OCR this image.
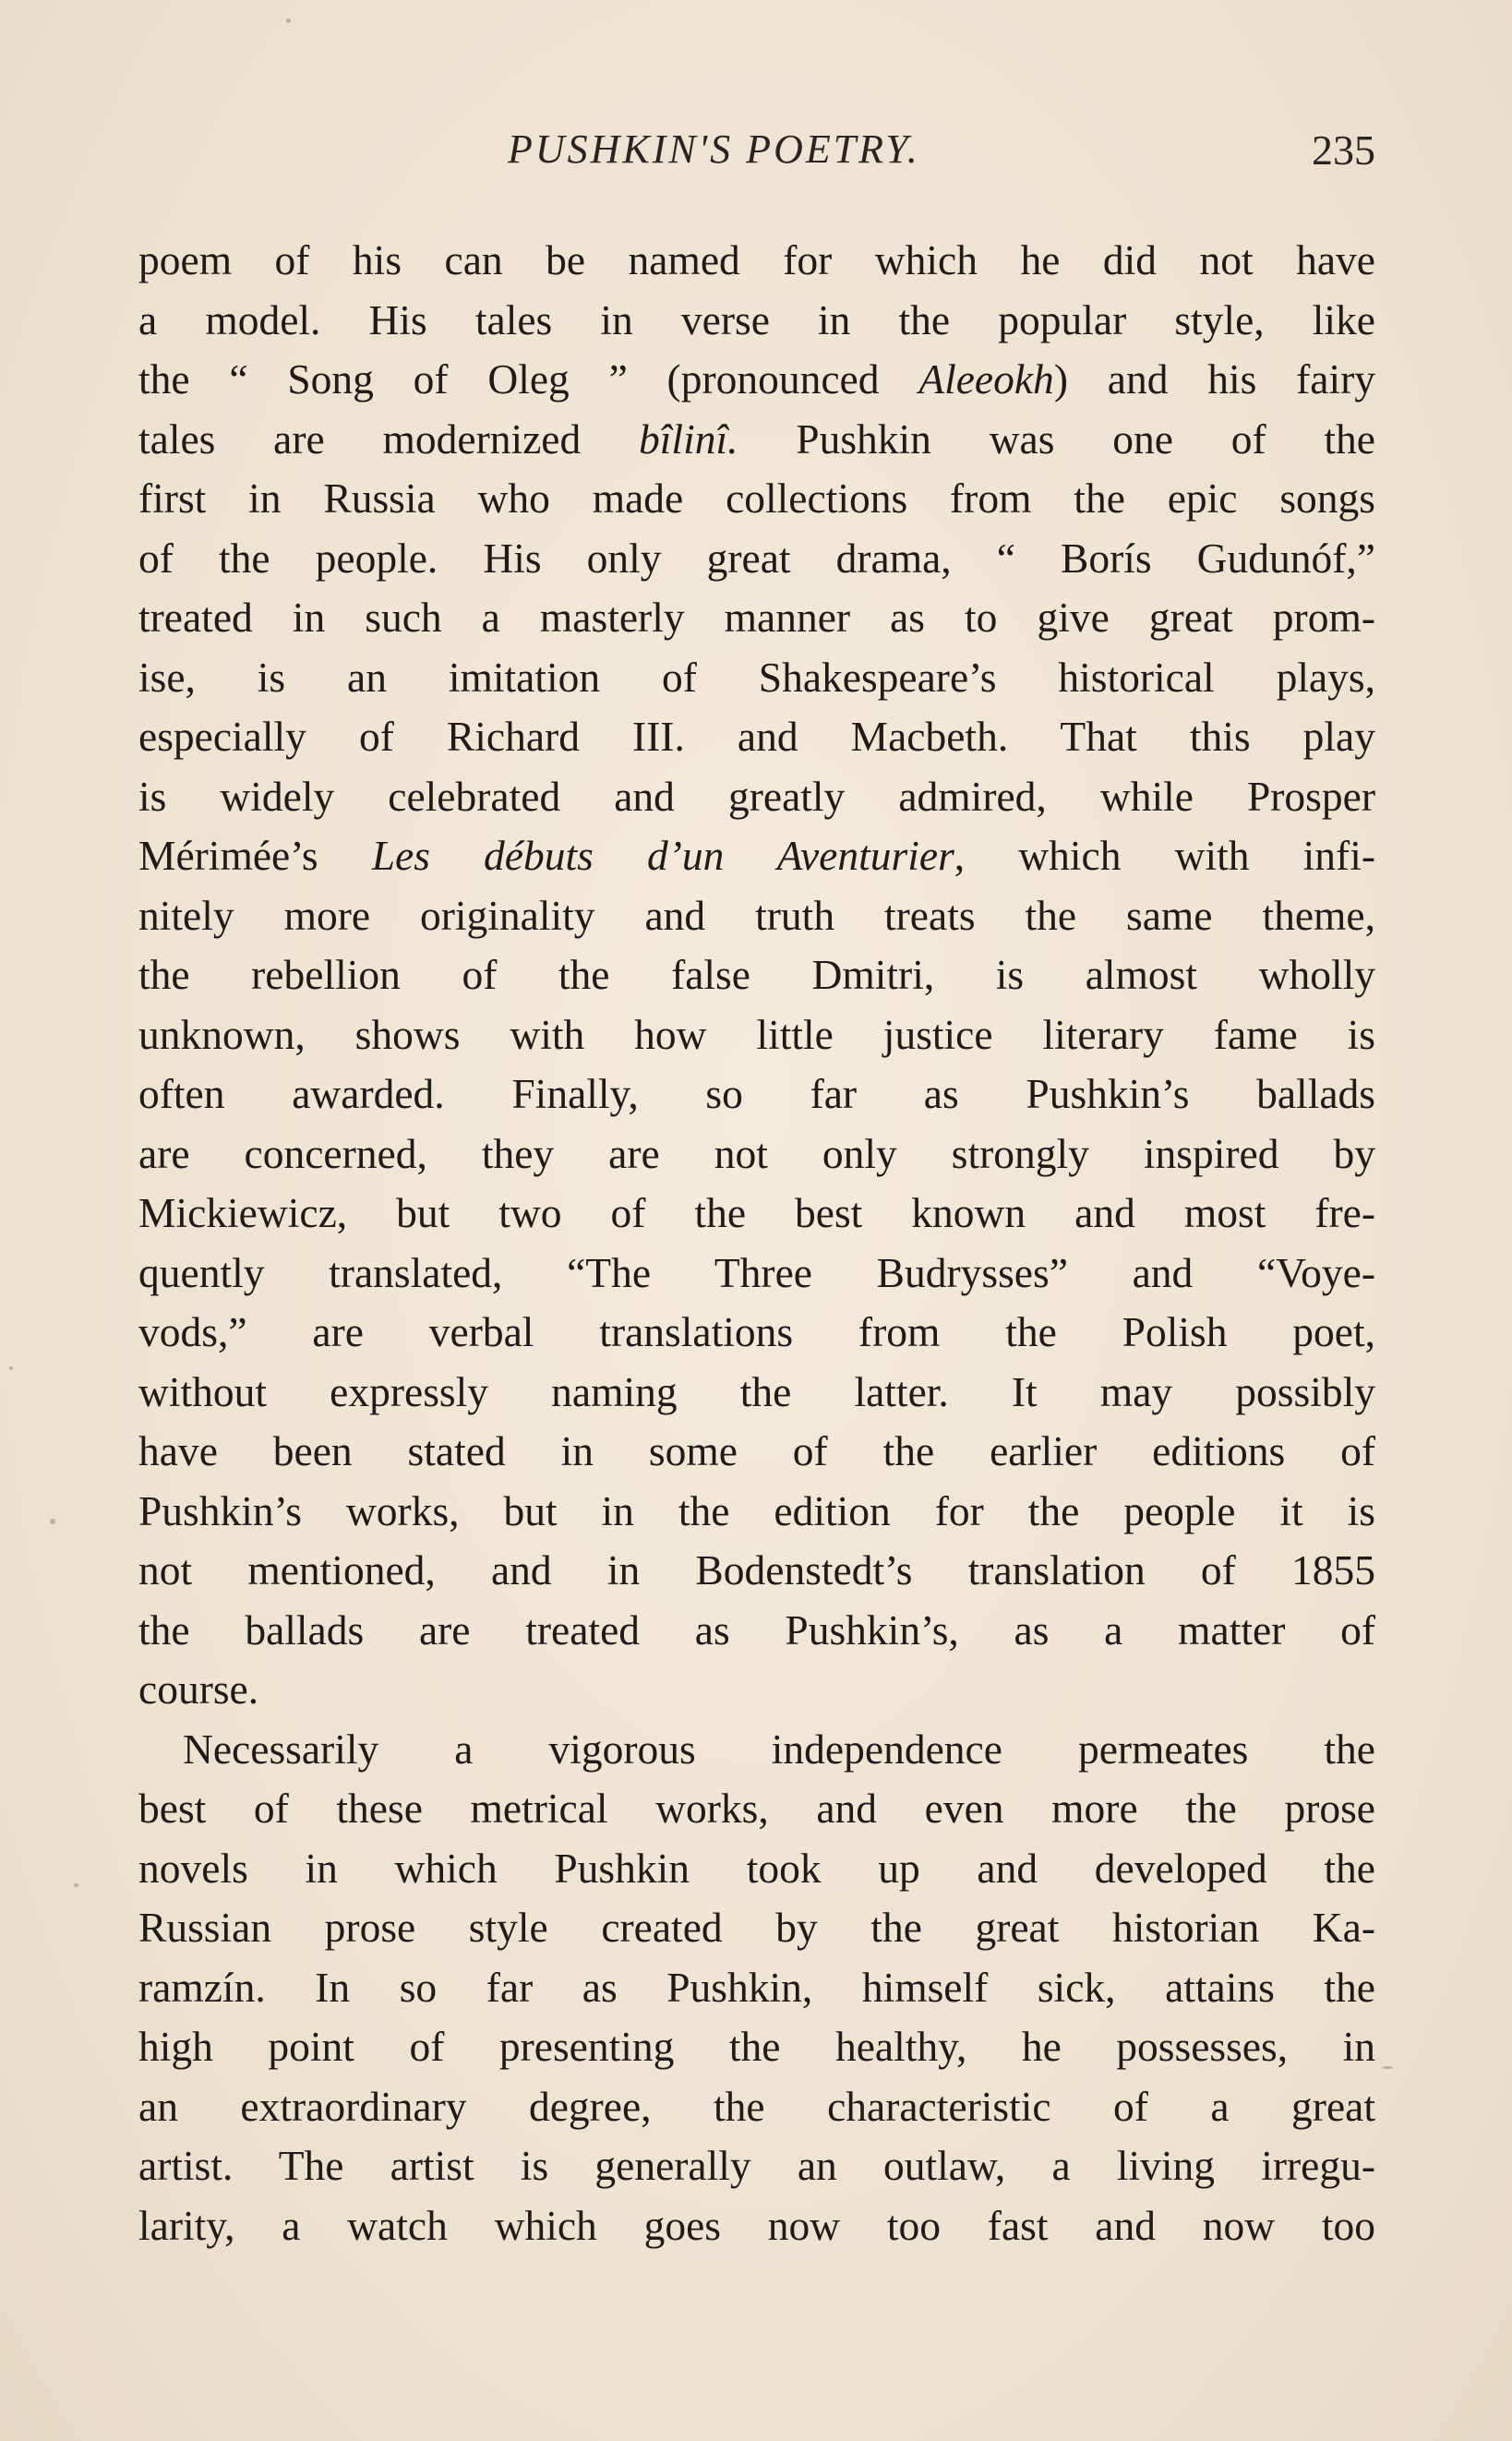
PUSHKIN'S POETRY.	235
poem of his can be named for which he did not have
a model. His tales in verse in the popular style, like
the “ Song of Oleg ” (pronounced Aleeokh) and his fairy
tales are modernized bîlinî. Pushkin was one of the
first in Russia who made collections from the epic songs
of the people. His only great drama, “ Borís Gudunóf,”
treated in such a masterly manner as to give great prom-
ise, is an imitation of Shakespeare’s historical plays,
especially of Richard III. and Macbeth. That this play
is widely celebrated and greatly admired, while Prosper
Mérimée’s Les débuts d’un Aventurier, which with infi-
nitely more originality and truth treats the same theme,
the rebellion of the false Dmitri, is almost wholly
unknown, shows with how little justice literary fame is
often awarded. Finally, so far as Pushkin’s ballads
are concerned, they are not only strongly inspired by
Mickiewicz, but two of the best known and most fre-
quently translated, “The Three Budrysses” and “Voye-
vods,” are verbal translations from the Polish poet,
without expressly naming the latter. It may possibly
have been stated in some of the earlier editions of
Pushkin’s works, but in the edition for the people it is
not mentioned, and in Bodenstedt’s translation of 1855
the ballads are treated as Pushkin’s, as a matter of
course.
Necessarily a vigorous independence permeates the
best of these metrical works, and even more the prose
novels in which Pushkin took up and developed the
Russian prose style created by the great historian Ka-
ramzín. In so far as Pushkin, himself sick, attains the
high point of presenting the healthy, he possesses, in
an extraordinary degree, the characteristic of a great
artist. The artist is generally an outlaw, a living irregu-
larity, a watch which goes now too fast and now too
